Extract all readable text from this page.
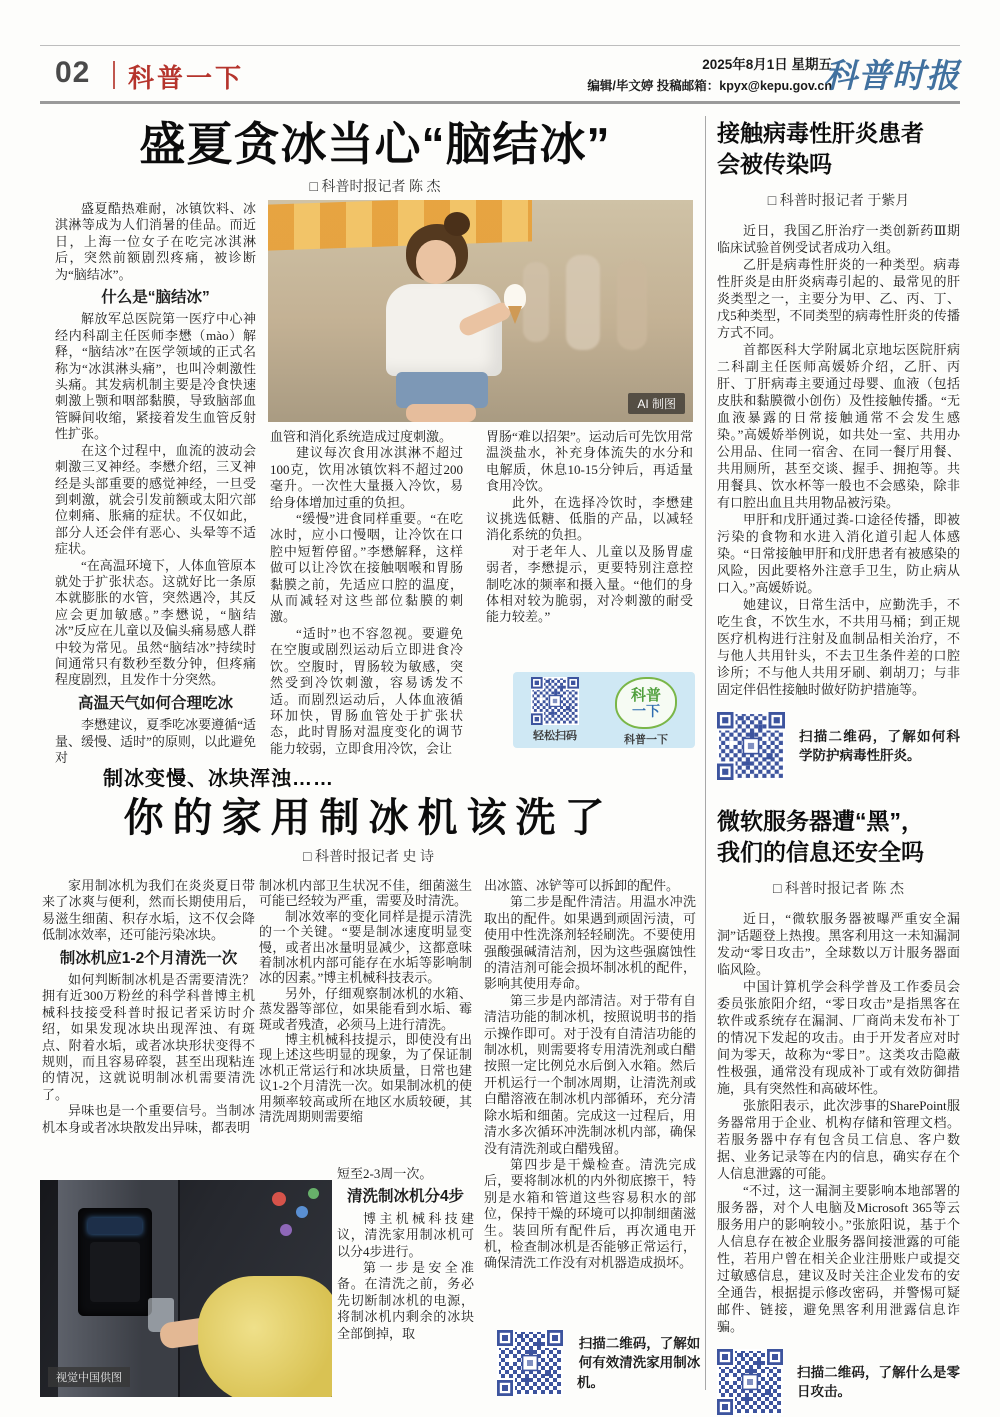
02 科普一下	2025年8月1日 星期五
编辑/毕文婷 投稿邮箱：kpyx@kepu.gov.cn
科普时报
盛夏贪冰当心“脑结冰”
□ 科普时报记者 陈 杰
AI 制图
盛夏酷热难耐，冰镇饮料、冰淇淋等成为人们消暑的佳品。而近日，上海一位女子在吃完冰淇淋后，突然前额剧烈疼痛，被诊断为“脑结冰”。
什么是“脑结冰”
解放军总医院第一医疗中心神经内科副主任医师李懋（mào）解释，“脑结冰”在医学领域的正式名称为“冰淇淋头痛”，也叫冷刺激性头痛。其发病机制主要是冷食快速刺激上颚和咽部黏膜，导致脑部血管瞬间收缩，紧接着发生血管反射性扩张。
在这个过程中，血流的波动会刺激三叉神经。李懋介绍，三叉神经是头部重要的感觉神经，一旦受到刺激，就会引发前额或太阳穴部位刺痛、胀痛的症状。不仅如此，部分人还会伴有恶心、头晕等不适症状。
“在高温环境下，人体血管原本就处于扩张状态。这就好比一条原本就膨胀的水管，突然遇冷，其反应会更加敏感。”李懋说，“脑结冰”反应在儿童以及偏头痛易感人群中较为常见。虽然“脑结冰”持续时间通常只有数秒至数分钟，但疼痛程度剧烈，且发作十分突然。
高温天气如何合理吃冰
李懋建议，夏季吃冰要遵循“适量、缓慢、适时”的原则，以此避免对
血管和消化系统造成过度刺激。
建议每次食用冰淇淋不超过100克，饮用冰镇饮料不超过200毫升。一次性大量摄入冷饮，易给身体增加过重的负担。
“缓慢”进食同样重要。“在吃冰时，应小口慢咽，让冷饮在口腔中短暂停留。”李懋解释，这样做可以让冷饮在接触咽喉和胃肠黏膜之前，先适应口腔的温度，从而减轻对这些部位黏膜的刺激。
“适时”也不容忽视。要避免在空腹或剧烈运动后立即进食冷饮。空腹时，胃肠较为敏感，突然受到冷饮刺激，容易诱发不适。而剧烈运动后，人体血液循环加快，胃肠血管处于扩张状态，此时胃肠对温度变化的调节能力较弱，立即食用冷饮，会让
胃肠“难以招架”。运动后可先饮用常温淡盐水，补充身体流失的水分和电解质，休息10-15分钟后，再适量食用冷饮。
此外，在选择冷饮时，李懋建议挑选低糖、低脂的产品，以减轻消化系统的负担。
对于老年人、儿童以及肠胃虚弱者，李懋提示，更要特别注意控制吃冰的频率和摄入量。“他们的身体相对较为脆弱，对冷刺激的耐受能力较差。”
轻松扫码
科普
一下
科普一下
接触病毒性肝炎患者
会被传染吗
□ 科普时报记者 于紫月
近日，我国乙肝治疗一类创新药Ⅲ期临床试验首例受试者成功入组。
乙肝是病毒性肝炎的一种类型。病毒性肝炎是由肝炎病毒引起的、最常见的肝炎类型之一，主要分为甲、乙、丙、丁、戊5种类型，不同类型的病毒性肝炎的传播方式不同。
首都医科大学附属北京地坛医院肝病二科副主任医师高媛娇介绍，乙肝、丙肝、丁肝病毒主要通过母婴、血液（包括皮肤和黏膜微小创伤）及性接触传播。“无血液暴露的日常接触通常不会发生感染。”高媛娇举例说，如共处一室、共用办公用品、住同一宿舍、在同一餐厅用餐、共用厕所，甚至交谈、握手、拥抱等。共用餐具、饮水杯等一般也不会感染，除非有口腔出血且共用物品被污染。
甲肝和戊肝通过粪-口途径传播，即被污染的食物和水进入消化道引起人体感染。“日常接触甲肝和戊肝患者有被感染的风险，因此要格外注意手卫生，防止病从口入。”高媛娇说。
她建议，日常生活中，应勤洗手，不吃生食，不饮生水，不共用马桶；到正规医疗机构进行注射及血制品相关治疗，不与他人共用针头，不去卫生条件差的口腔诊所；不与他人共用牙刷、剃胡刀；与非固定伴侣性接触时做好防护措施等。
扫描二维码，了解如何科学防护病毒性肝炎。
制冰变慢、冰块浑浊……
你的家用制冰机该洗了
□ 科普时报记者 史 诗
家用制冰机为我们在炎炎夏日带来了冰爽与便利，然而长期使用后，易滋生细菌、积存水垢，这不仅会降低制冰效率，还可能污染冰块。
制冰机应1-2个月清洗一次
如何判断制冰机是否需要清洗？拥有近300万粉丝的科学科普博主机械科技接受科普时报记者采访时介绍，如果发现冰块出现浑浊、有斑点、附着水垢，或者冰块形状变得不规则，而且容易碎裂，甚至出现粘连的情况，这就说明制冰机需要清洗了。
异味也是一个重要信号。当制冰机本身或者冰块散发出异味，都表明
制冰机内部卫生状况不佳，细菌滋生可能已经较为严重，需要及时清洗。
制冰效率的变化同样是提示清洗的一个关键。“要是制冰速度明显变慢，或者出冰量明显减少，这都意味着制冰机内部可能存在水垢等影响制冰的因素。”博主机械科技表示。
另外，仔细观察制冰机的水箱、蒸发器等部位，如果能看到水垢、霉斑或者残渣，必须马上进行清洗。
博主机械科技提示，即使没有出现上述这些明显的现象，为了保证制冰机正常运行和冰块质量，日常也建议1-2个月清洗一次。如果制冰机的使用频率较高或所在地区水质较硬，其清洗周期则需要缩
短至2-3周一次。
清洗制冰机分4步
博主机械科技建议，清洗家用制冰机可以分4步进行。
第一步是安全准备。在清洗之前，务必先切断制冰机的电源，将制冰机内剩余的冰块全部倒掉，取
出冰篮、冰铲等可以拆卸的配件。
第二步是配件清洁。用温水冲洗取出的配件。如果遇到顽固污渍，可使用中性洗涤剂轻轻刷洗。不要使用强酸强碱清洁剂，因为这些强腐蚀性的清洁剂可能会损坏制冰机的配件，影响其使用寿命。
第三步是内部清洁。对于带有自清洁功能的制冰机，按照说明书的指示操作即可。对于没有自清洁功能的制冰机，则需要将专用清洗剂或白醋按照一定比例兑水后倒入水箱。然后开机运行一个制冰周期，让清洗剂或白醋溶液在制冰机内部循环，充分清除水垢和细菌。完成这一过程后，用清水多次循环冲洗制冰机内部，确保没有清洗剂或白醋残留。
第四步是干燥检查。清洗完成后，要将制冰机的内外彻底擦干，特别是水箱和管道这些容易积水的部位，保持干燥的环境可以抑制细菌滋生。装回所有配件后，再次通电开机，检查制冰机是否能够正常运行，确保清洗工作没有对机器造成损坏。
视觉中国供图
扫描二维码，了解如何有效清洗家用制冰机。
微软服务器遭“黑”，
我们的信息还安全吗
□ 科普时报记者 陈 杰
近日，“微软服务器被曝严重安全漏洞”话题登上热搜。黑客利用这一未知漏洞发动“零日攻击”，全球数以万计服务器面临风险。
中国计算机学会科学普及工作委员会委员张旅阳介绍，“零日攻击”是指黑客在软件或系统存在漏洞、厂商尚未发布补丁的情况下发起的攻击。由于开发者应对时间为零天，故称为“零日”。这类攻击隐蔽性极强，通常没有现成补丁或有效防御措施，具有突然性和高破坏性。
张旅阳表示，此次涉事的SharePoint服务器常用于企业、机构存储和管理文档。若服务器中存有包含员工信息、客户数据、业务记录等在内的信息，确实存在个人信息泄露的可能。
“不过，这一漏洞主要影响本地部署的服务器，对个人电脑及Microsoft 365等云服务用户的影响较小。”张旅阳说，基于个人信息存在被企业服务器间接泄露的可能性，若用户曾在相关企业注册账户或提交过敏感信息，建议及时关注企业发布的安全通告，根据提示修改密码，并警惕可疑邮件、链接，避免黑客利用泄露信息诈骗。
扫描二维码，了解什么是零日攻击。
